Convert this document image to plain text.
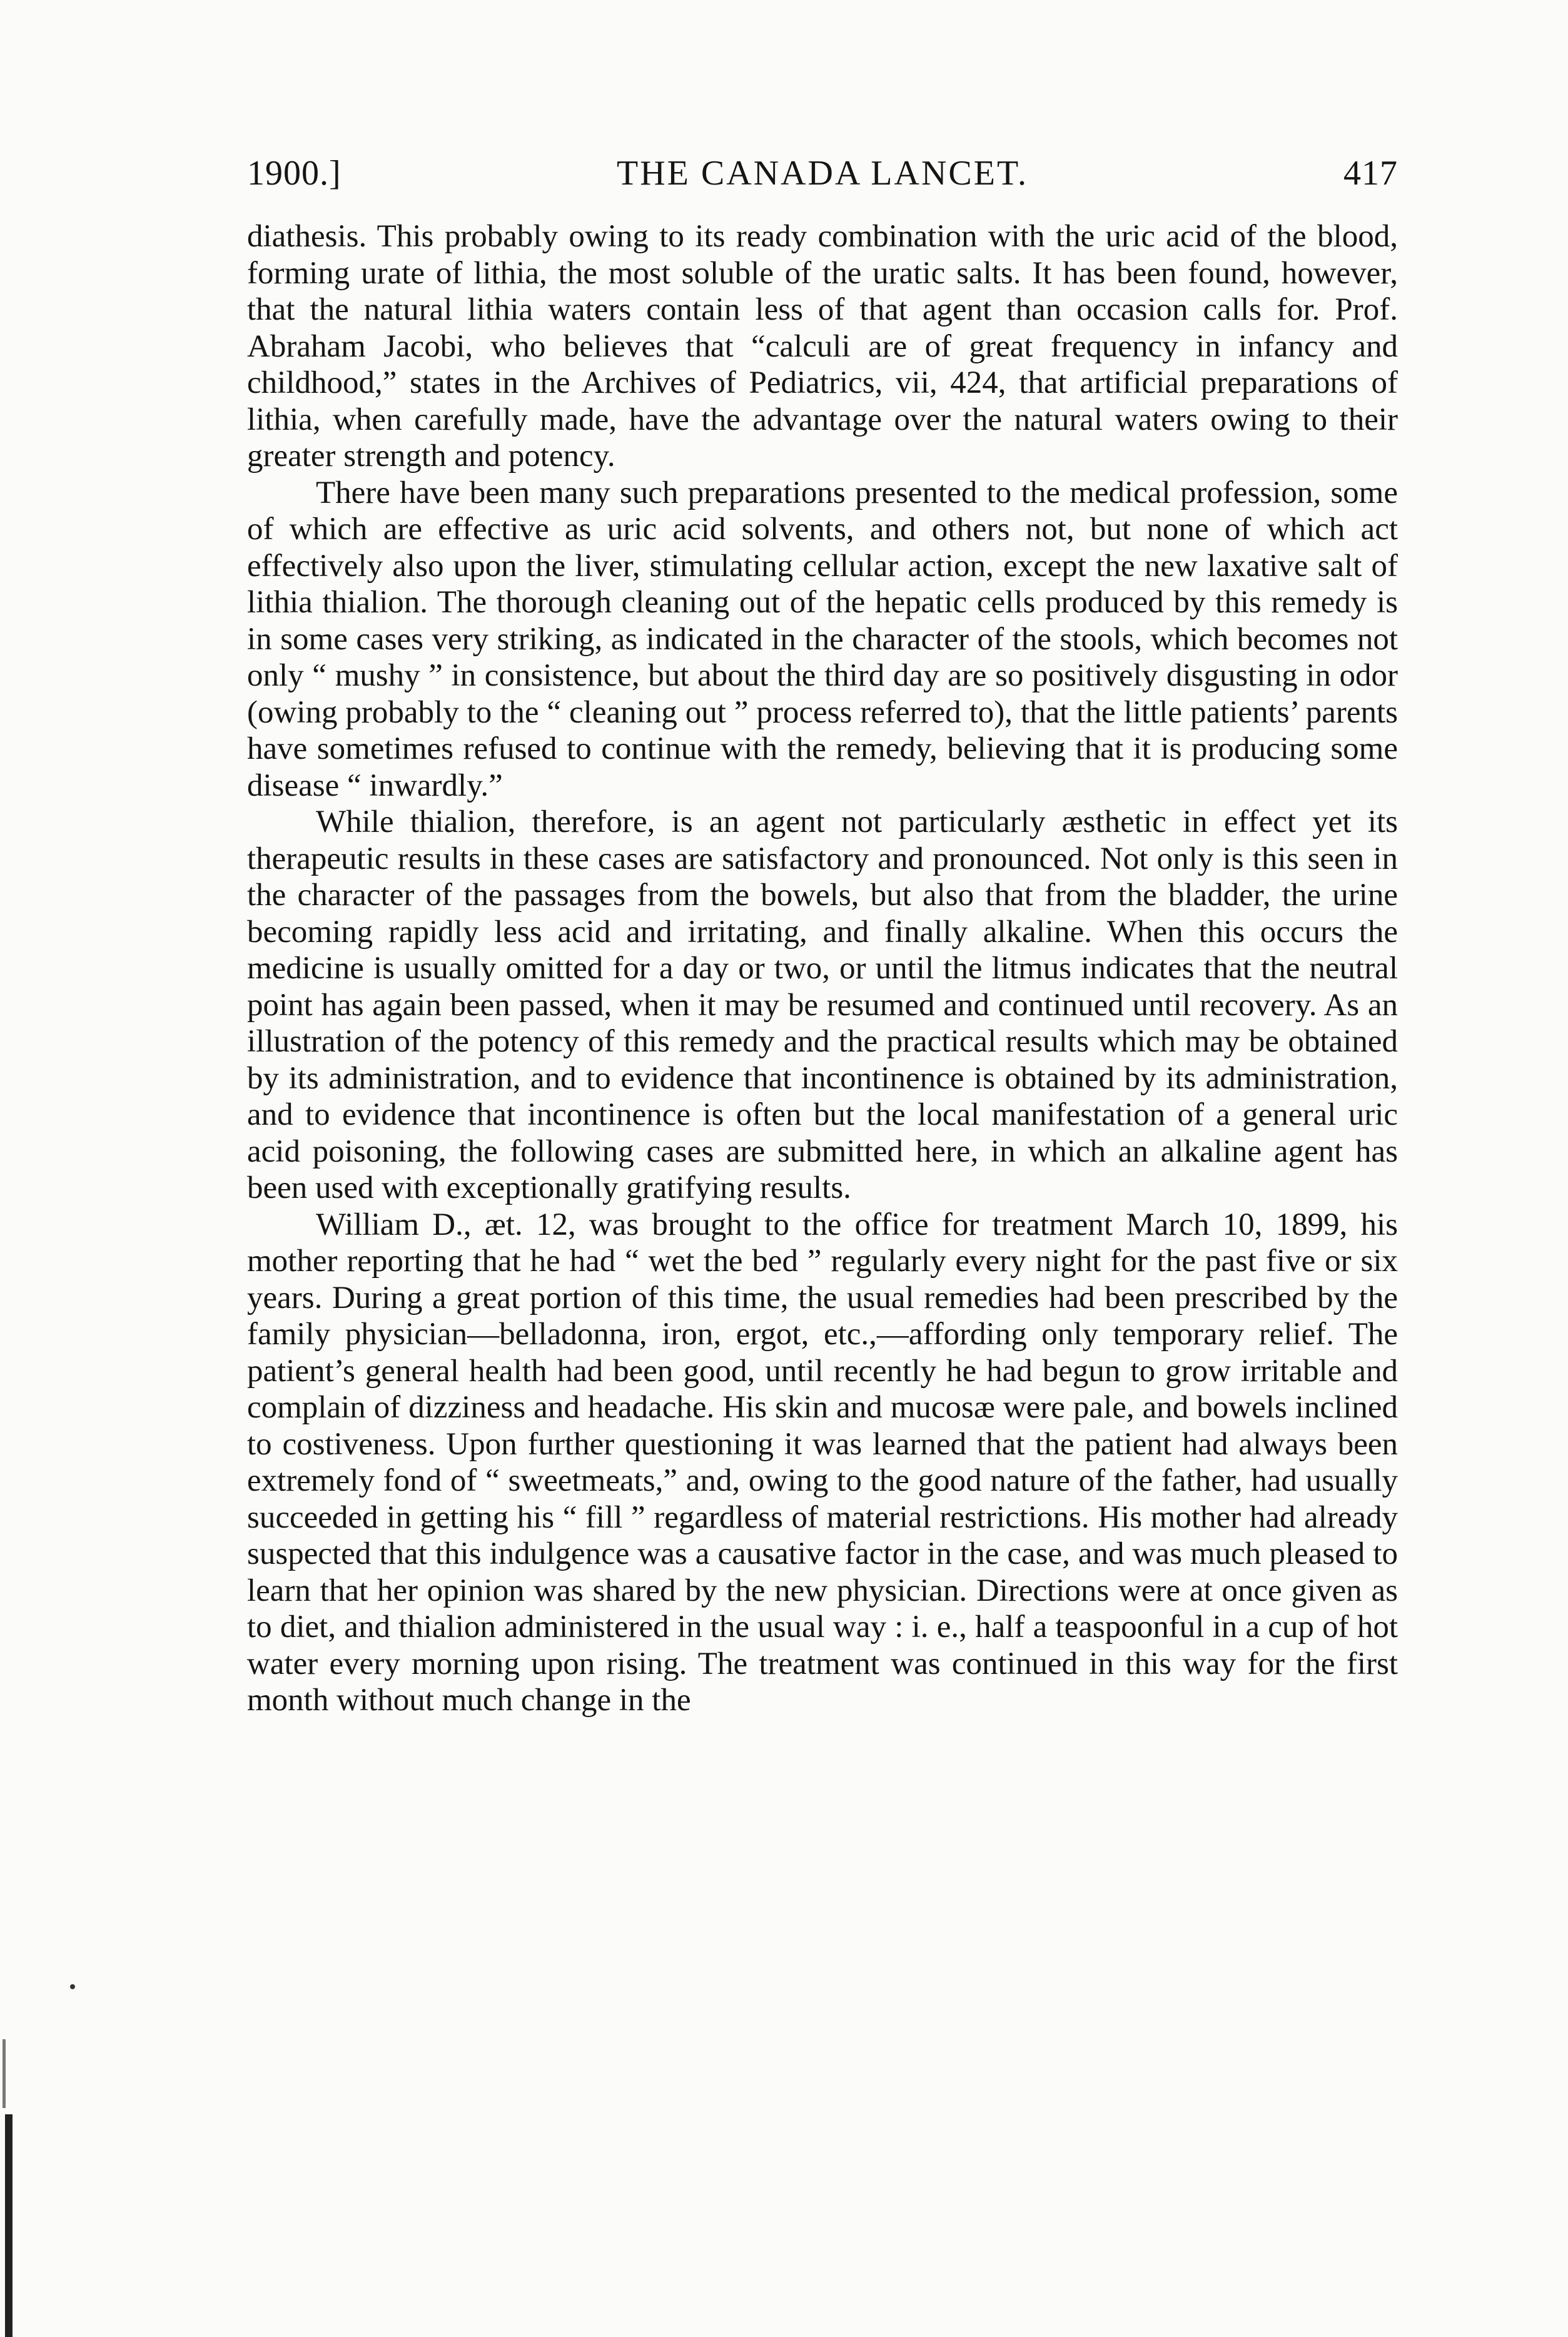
1900.]	THE CANADA LANCET.	417

diathesis. This probably owing to its ready combination with the uric acid of the blood, forming urate of lithia, the most soluble of the uratic salts. It has been found, however, that the natural lithia waters contain less of that agent than occasion calls for. Prof. Abraham Jacobi, who believes that “calculi are of great frequency in infancy and childhood,” states in the Archives of Pediatrics, vii, 424, that artificial preparations of lithia, when carefully made, have the advantage over the natural waters owing to their greater strength and potency.

There have been many such preparations presented to the medical profession, some of which are effective as uric acid solvents, and others not, but none of which act effectively also upon the liver, stimulating cellular action, except the new laxative salt of lithia thialion. The thorough cleaning out of the hepatic cells produced by this remedy is in some cases very striking, as indicated in the character of the stools, which becomes not only “ mushy ” in consistence, but about the third day are so positively disgusting in odor (owing probably to the “ cleaning out ” process referred to), that the little patients’ parents have sometimes refused to continue with the remedy, believing that it is producing some disease “ inwardly.”

While thialion, therefore, is an agent not particularly æsthetic in effect yet its therapeutic results in these cases are satisfactory and pronounced. Not only is this seen in the character of the passages from the bowels, but also that from the bladder, the urine becoming rapidly less acid and irritating, and finally alkaline. When this occurs the medicine is usually omitted for a day or two, or until the litmus indicates that the neutral point has again been passed, when it may be resumed and continued until recovery. As an illustration of the potency of this remedy and the practical results which may be obtained by its administration, and to evidence that incontinence is obtained by its administration, and to evidence that incontinence is often but the local manifestation of a general uric acid poisoning, the following cases are submitted here, in which an alkaline agent has been used with exceptionally gratifying results.

William D., æt. 12, was brought to the office for treatment March 10, 1899, his mother reporting that he had “ wet the bed ” regularly every night for the past five or six years. During a great portion of this time, the usual remedies had been prescribed by the family physician—belladonna, iron, ergot, etc.,—affording only temporary relief. The patient’s general health had been good, until recently he had begun to grow irritable and complain of dizziness and headache. His skin and mucosæ were pale, and bowels inclined to costiveness. Upon further questioning it was learned that the patient had always been extremely fond of “ sweetmeats,” and, owing to the good nature of the father, had usually succeeded in getting his “ fill ” regardless of material restrictions. His mother had already suspected that this indulgence was a causative factor in the case, and was much pleased to learn that her opinion was shared by the new physician. Directions were at once given as to diet, and thialion administered in the usual way : i. e., half a teaspoonful in a cup of hot water every morning upon rising. The treatment was continued in this way for the first month without much change in the
